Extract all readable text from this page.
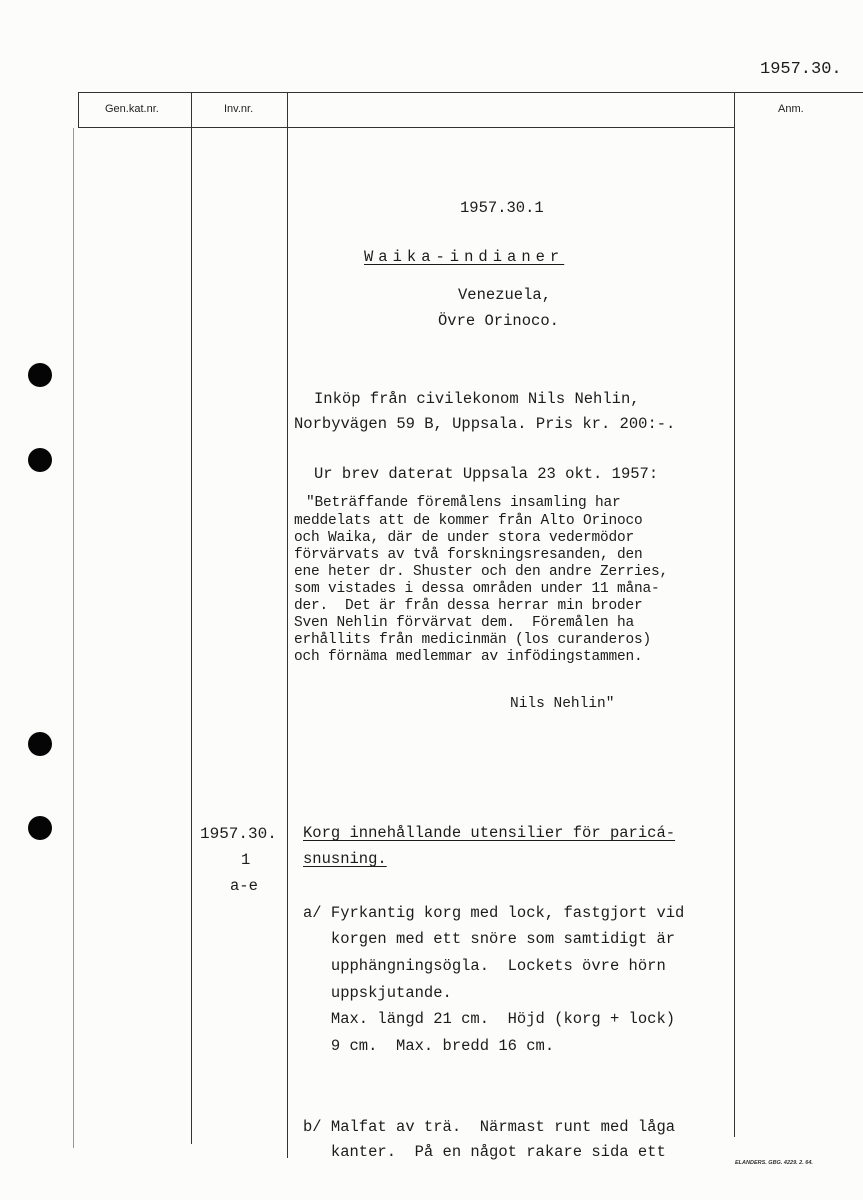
1957.30.
Gen.kat.nr.	Inv.nr.	Anm.
1957.30.1
Waika-indianer
Venezuela,
Övre Orinoco.
Inköp från civilekonom Nils Nehlin,
Norbyvägen 59 B, Uppsala. Pris kr. 200:-.
Ur brev daterat Uppsala 23 okt. 1957:
"Beträffande föremålens insamling har
meddelats att de kommer från Alto Orinoco
och Waika, där de under stora vedermödor
förvärvats av två forskningsresanden, den
ene heter dr. Shuster och den andre Zerries,
som vistades i dessa områden under 11 måna-
der.  Det är från dessa herrar min broder
Sven Nehlin förvärvat dem.  Föremålen ha
erhållits från medicinmän (los curanderos)
och förnäma medlemmar av infödingstammen.
Nils Nehlin"
1957.30.
1
a-e
Korg innehållande utensilier för paricá-
snusning.
a/ Fyrkantig korg med lock, fastgjort vid
korgen med ett snöre som samtidigt är
upphängningsögla.  Lockets övre hörn
uppskjutande.
Max. längd 21 cm.  Höjd (korg + lock)
9 cm.  Max. bredd 16 cm.
b/ Malfat av trä.  Närmast runt med låga
kanter.  På en något rakare sida ett
ELANDERS. GBG. 4229. 2. 64.
